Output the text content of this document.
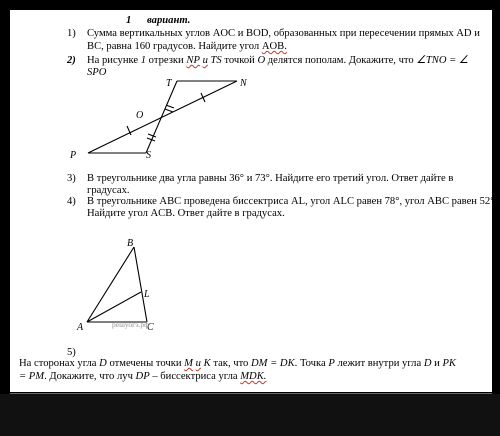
1 вариант.
1) Сумма вертикальных углов AOC и BOD, образованных при пересечении прямых AD и
BC, равна 160 градусов. Найдите угол AOB.
2) На рисунке 1 отрезки NP и TS точкой O делятся пополам. Докажите, что ∠TNO = ∠
SPO
T	N
O
P	S
3) В треугольнике два угла равны 36° и 73°. Найдите его третий угол. Ответ дайте в
градусах.
4) В треугольнике ABC проведена биссектриса AL, угол ALC равен 78°, угол ABC равен 52°.
Найдите угол ACB. Ответ дайте в градусах.
B
L
A	C
решуогэ.рф
5)
На сторонах угла D отмечены точки M и K так, что DM = DK. Точка P лежит внутри угла D и PK
= PM. Докажите, что луч DP – биссектриса угла MDK.
